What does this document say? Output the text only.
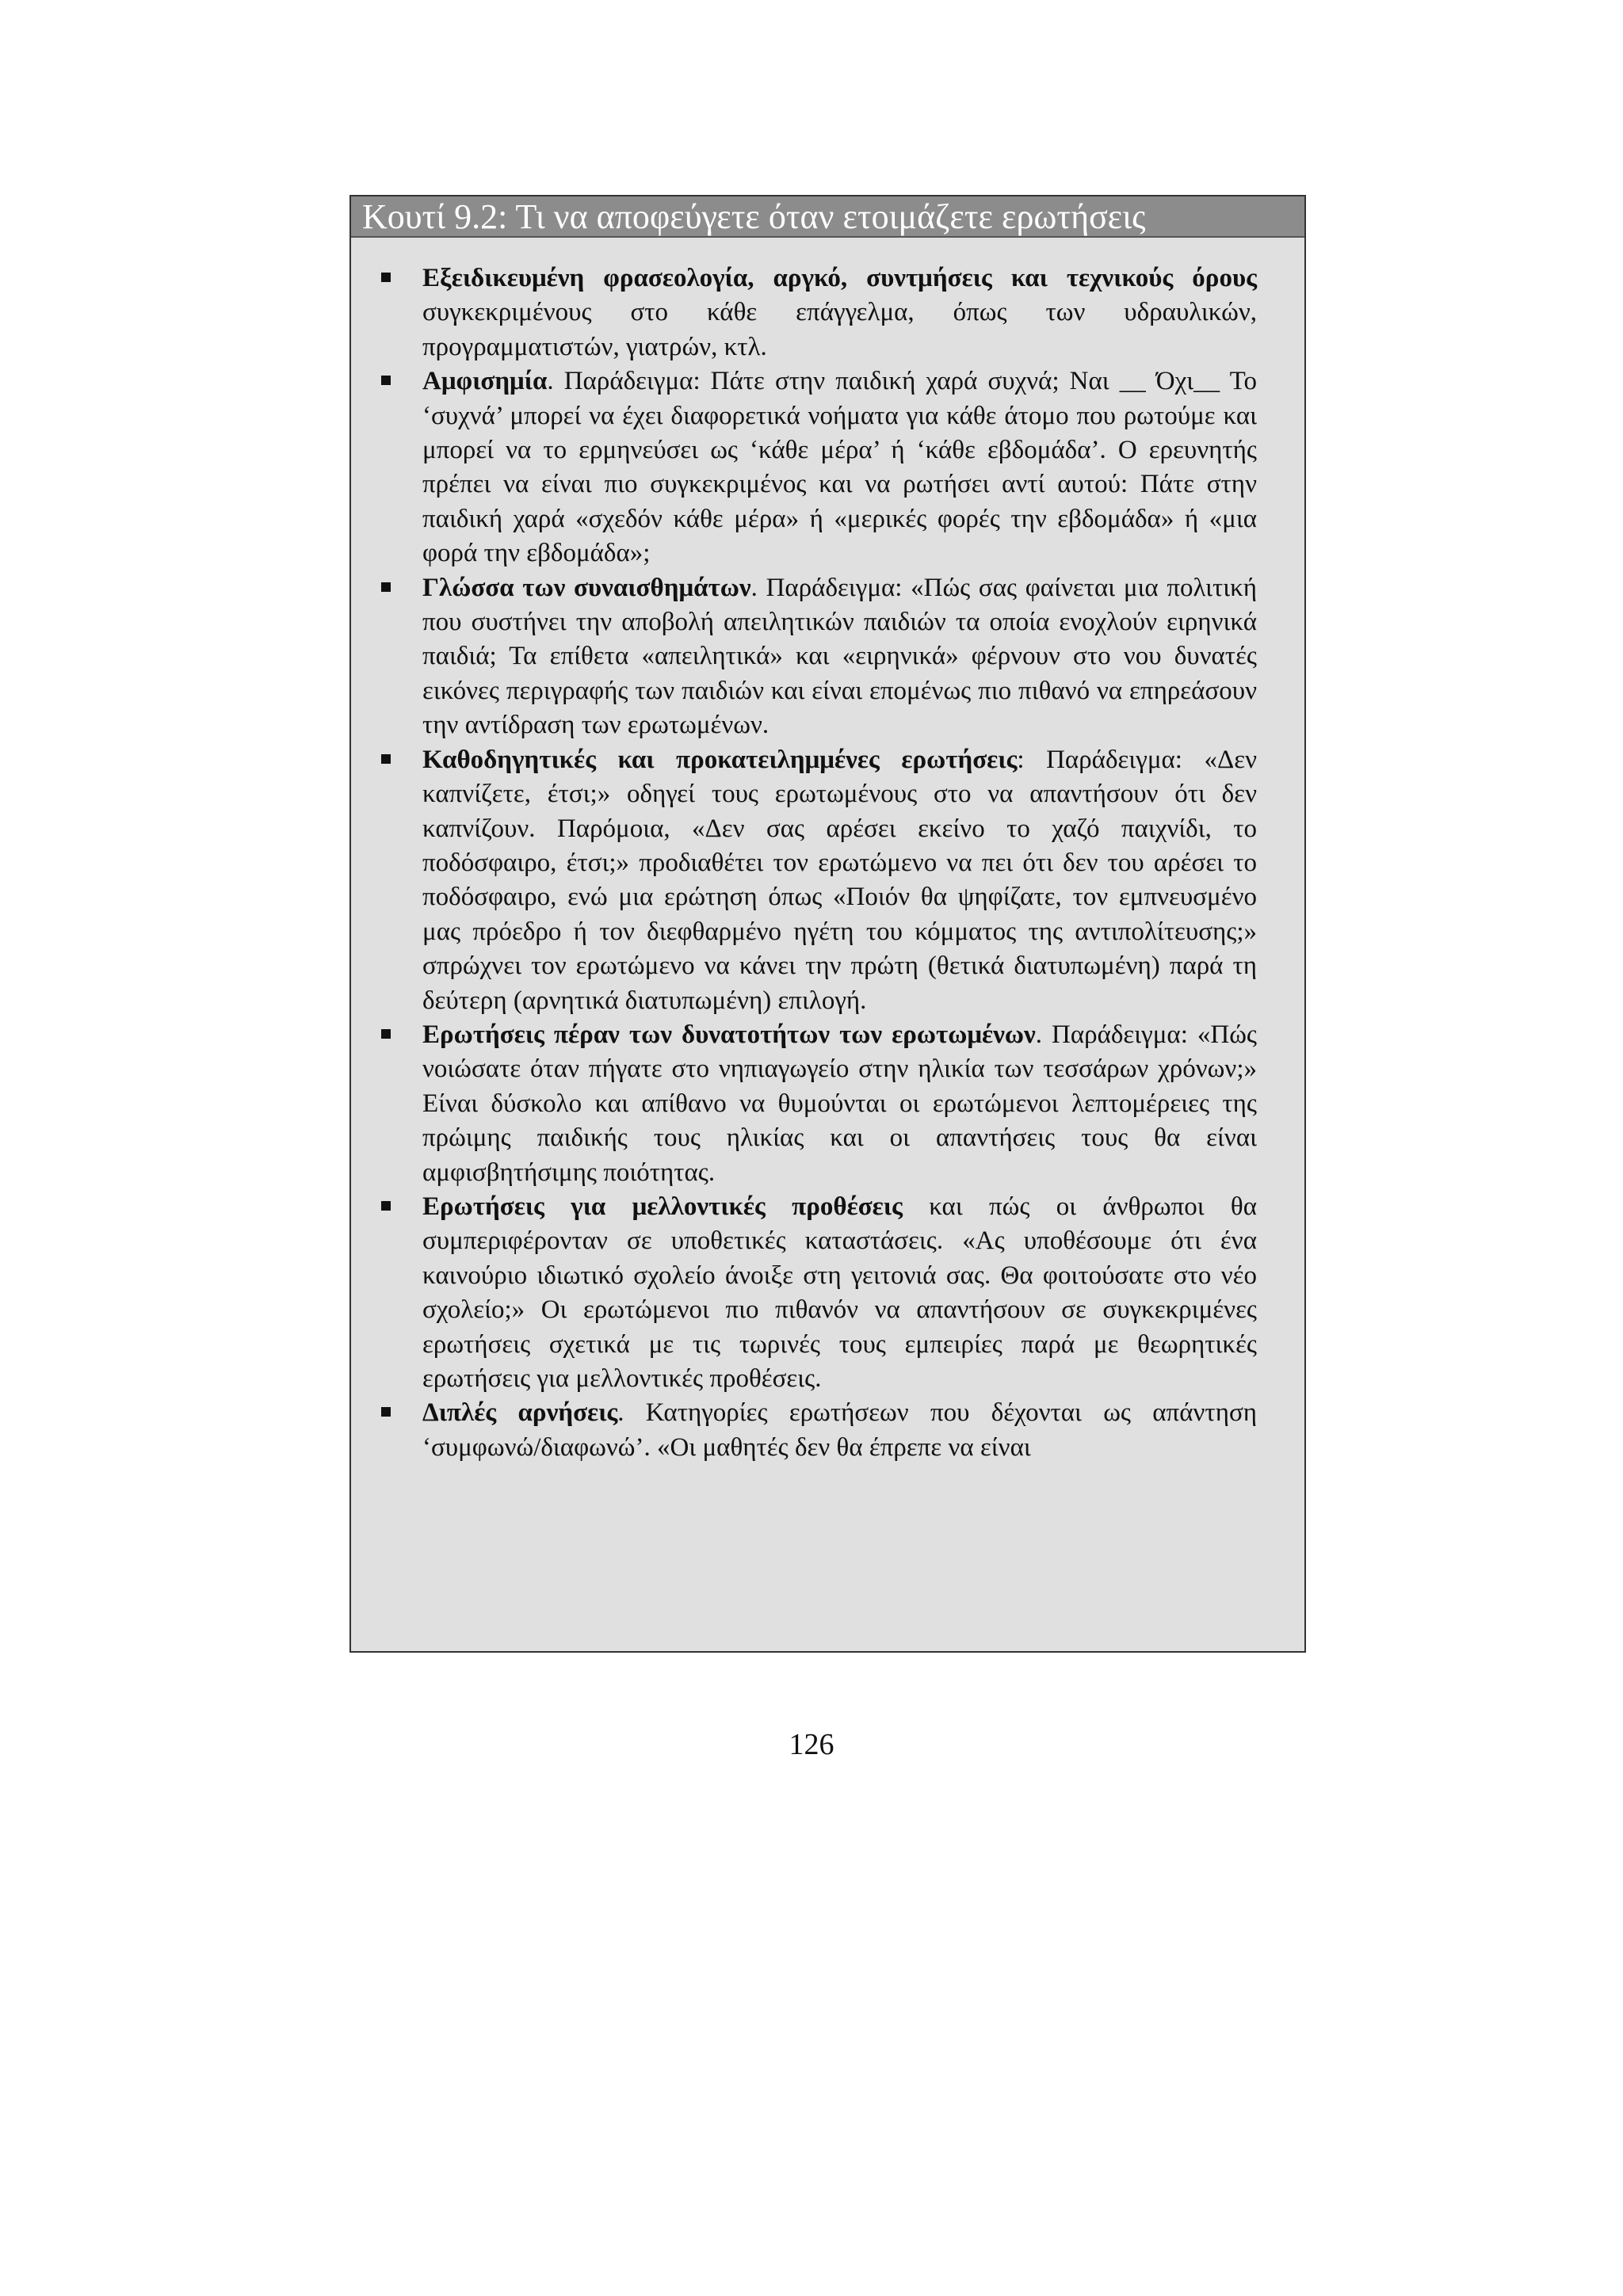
Κουτί 9.2: Τι να αποφεύγετε όταν ετοιμάζετε ερωτήσεις
Εξειδικευμένη φρασεολογία, αργκό, συντμήσεις και τεχνικούς όρους συγκεκριμένους στο κάθε επάγγελμα, όπως των υδραυλικών, προγραμματιστών, γιατρών, κτλ.
Αμφισημία. Παράδειγμα: Πάτε στην παιδική χαρά συχνά; Ναι __ Όχι__ Το ‘συχνά’ μπορεί να έχει διαφορετικά νοήματα για κάθε άτομο που ρωτούμε και μπορεί να το ερμηνεύσει ως ‘κάθε μέρα’ ή ‘κάθε εβδομάδα’. Ο ερευνητής πρέπει να είναι πιο συγκεκριμένος και να ρωτήσει αντί αυτού: Πάτε στην παιδική χαρά «σχεδόν κάθε μέρα» ή «μερικές φορές την εβδομάδα» ή «μια φορά την εβδομάδα»;
Γλώσσα των συναισθημάτων. Παράδειγμα: «Πώς σας φαίνεται μια πολιτική που συστήνει την αποβολή απειλητικών παιδιών τα οποία ενοχλούν ειρηνικά παιδιά; Τα επίθετα «απειλητικά» και «ειρηνικά» φέρνουν στο νου δυνατές εικόνες περιγραφής των παιδιών και είναι επομένως πιο πιθανό να επηρεάσουν την αντίδραση των ερωτωμένων.
Καθοδηγητικές και προκατειλημμένες ερωτήσεις: Παράδειγμα: «Δεν καπνίζετε, έτσι;» οδηγεί τους ερωτωμένους στο να απαντήσουν ότι δεν καπνίζουν. Παρόμοια, «Δεν σας αρέσει εκείνο το χαζό παιχνίδι, το ποδόσφαιρο, έτσι;» προδιαθέτει τον ερωτώμενο να πει ότι δεν του αρέσει το ποδόσφαιρο, ενώ μια ερώτηση όπως «Ποιόν θα ψηφίζατε, τον εμπνευσμένο μας πρόεδρο ή τον διεφθαρμένο ηγέτη του κόμματος της αντιπολίτευσης;» σπρώχνει τον ερωτώμενο να κάνει την πρώτη (θετικά διατυπωμένη) παρά τη δεύτερη (αρνητικά διατυπωμένη) επιλογή.
Ερωτήσεις πέραν των δυνατοτήτων των ερωτωμένων. Παράδειγμα: «Πώς νοιώσατε όταν πήγατε στο νηπιαγωγείο στην ηλικία των τεσσάρων χρόνων;» Είναι δύσκολο και απίθανο να θυμούνται οι ερωτώμενοι λεπτομέρειες της πρώιμης παιδικής τους ηλικίας και οι απαντήσεις τους θα είναι αμφισβητήσιμης ποιότητας.
Ερωτήσεις για μελλοντικές προθέσεις και πώς οι άνθρωποι θα συμπεριφέρονταν σε υποθετικές καταστάσεις. «Ας υποθέσουμε ότι ένα καινούριο ιδιωτικό σχολείο άνοιξε στη γειτονιά σας. Θα φοιτούσατε στο νέο σχολείο;» Οι ερωτώμενοι πιο πιθανόν να απαντήσουν σε συγκεκριμένες ερωτήσεις σχετικά με τις τωρινές τους εμπειρίες παρά με θεωρητικές ερωτήσεις για μελλοντικές προθέσεις.
Διπλές αρνήσεις. Κατηγορίες ερωτήσεων που δέχονται ως απάντηση ‘συμφωνώ/διαφωνώ’. «Οι μαθητές δεν θα έπρεπε να είναι
126
